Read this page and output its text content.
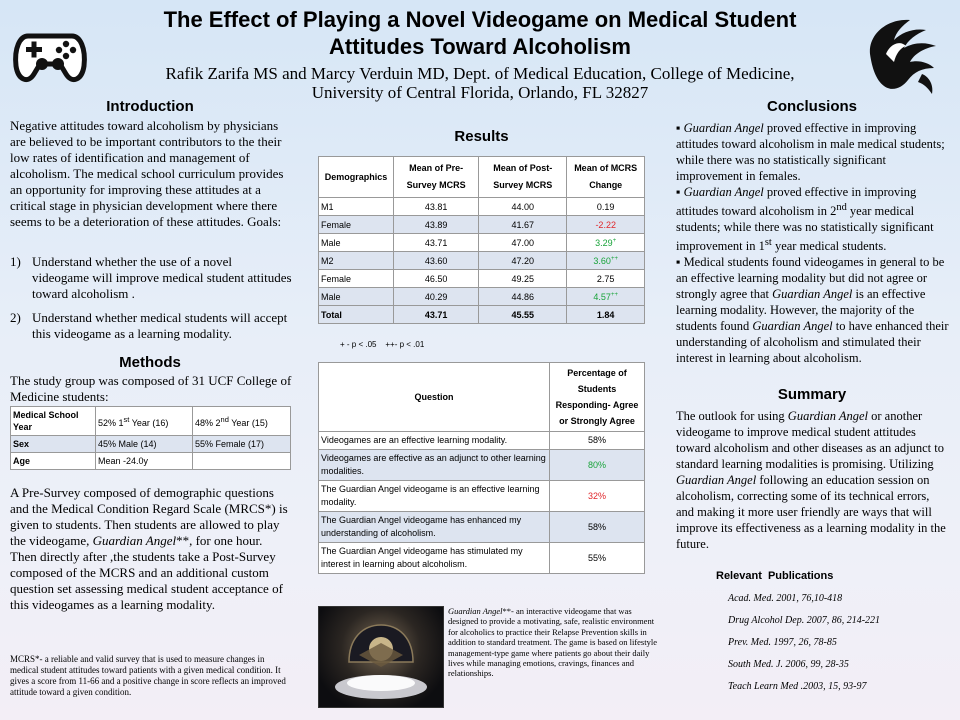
The Effect of Playing a Novel Videogame on Medical Student
Attitudes Toward Alcoholism
Rafik Zarifa MS and Marcy Verduin MD, Dept. of Medical Education, College of Medicine,
University of Central Florida, Orlando, FL 32827
Introduction
Negative attitudes toward alcoholism by physicians are believed to be important contributors to the their low rates of identification and management of alcoholism. The medical school curriculum provides an opportunity for improving these attitudes at a critical stage in physician development where there seems to be a deterioration of these attitudes. Goals:
1) Understand whether the use of a novel videogame will improve medical student attitudes toward alcoholism .
2) Understand whether medical students will accept this videogame as a learning modality.
Methods
The study group was composed of 31 UCF College of Medicine students:
Medical School Year	52% 1st Year (16)	48% 2nd Year (15)
Sex	45% Male (14)	55% Female (17)
Age	Mean -24.0y	
A Pre-Survey composed of demographic questions and the Medical Condition Regard Scale (MRCS*) is given to students. Then students are allowed to play the videogame, Guardian Angel**, for one hour. Then directly after ,the students take a Post-Survey composed of the MCRS and an additional custom question set assessing medical student acceptance of this videogames as a learning modality.
MCRS*- a reliable and valid survey that is used to measure changes in medical student attitudes toward patients with a given medical condition. It gives a score from 11-66 and a positive change in score reflects an improved attitude toward a given condition.
Results
Demographics	Mean of Pre-Survey MCRS	Mean of Post-Survey MCRS	Mean of MCRS Change
M1	43.81	44.00	0.19
Female	43.89	41.67	-2.22
Male	43.71	47.00	3.29+
M2	43.60	47.20	3.60++
Female	46.50	49.25	2.75
Male	40.29	44.86	4.57++
Total	43.71	45.55	1.84
+ - p < .05    ++- p < .01
Question	Percentage of Students Responding- Agree or Strongly Agree
Videogames are an effective learning modality.	58%
Videogames are effective as an adjunct to other learning modalities.	80%
The Guardian Angel videogame is an effective learning modality.	32%
The Guardian Angel videogame has enhanced my understanding of alcoholism.	58%
The Guardian Angel videogame has stimulated my interest in learning about alcoholism.	55%
Guardian Angel**- an interactive videogame that was designed to provide a motivating, safe, realistic environment for alcoholics to practice their Relapse Prevention skills in addition to standard treatment. The game is based on lifestyle management-type game where patients go about their daily lives while managing emotions, cravings, finances and relationships.
Conclusions
▪ Guardian Angel proved effective in improving attitudes toward alcoholism in male medical students; while there was no statistically significant improvement in females.
▪ Guardian Angel proved effective in improving attitudes toward alcoholism in 2nd year medical students; while there was no statistically significant improvement in 1st year medical students.
▪ Medical students found videogames in general to be an effective learning modality but did not agree or strongly agree that Guardian Angel is an effective learning modality. However, the majority of the students found Guardian Angel to have enhanced their understanding of alcoholism and stimulated their interest in learning about alcoholism.
Summary
The outlook for using Guardian Angel or another videogame to improve medical student attitudes toward alcoholism and other diseases as an adjunct to standard learning modalities is promising. Utilizing Guardian Angel following an education session on alcoholism, correcting some of its technical errors, and making it more user friendly are ways that will improve its effectiveness as a learning modality in the future.
Relevant  Publications
Acad. Med. 2001, 76,10-418
Drug Alcohol Dep. 2007, 86, 214-221
Prev. Med. 1997, 26, 78-85
South Med. J. 2006, 99, 28-35
Teach Learn Med .2003, 15, 93-97
